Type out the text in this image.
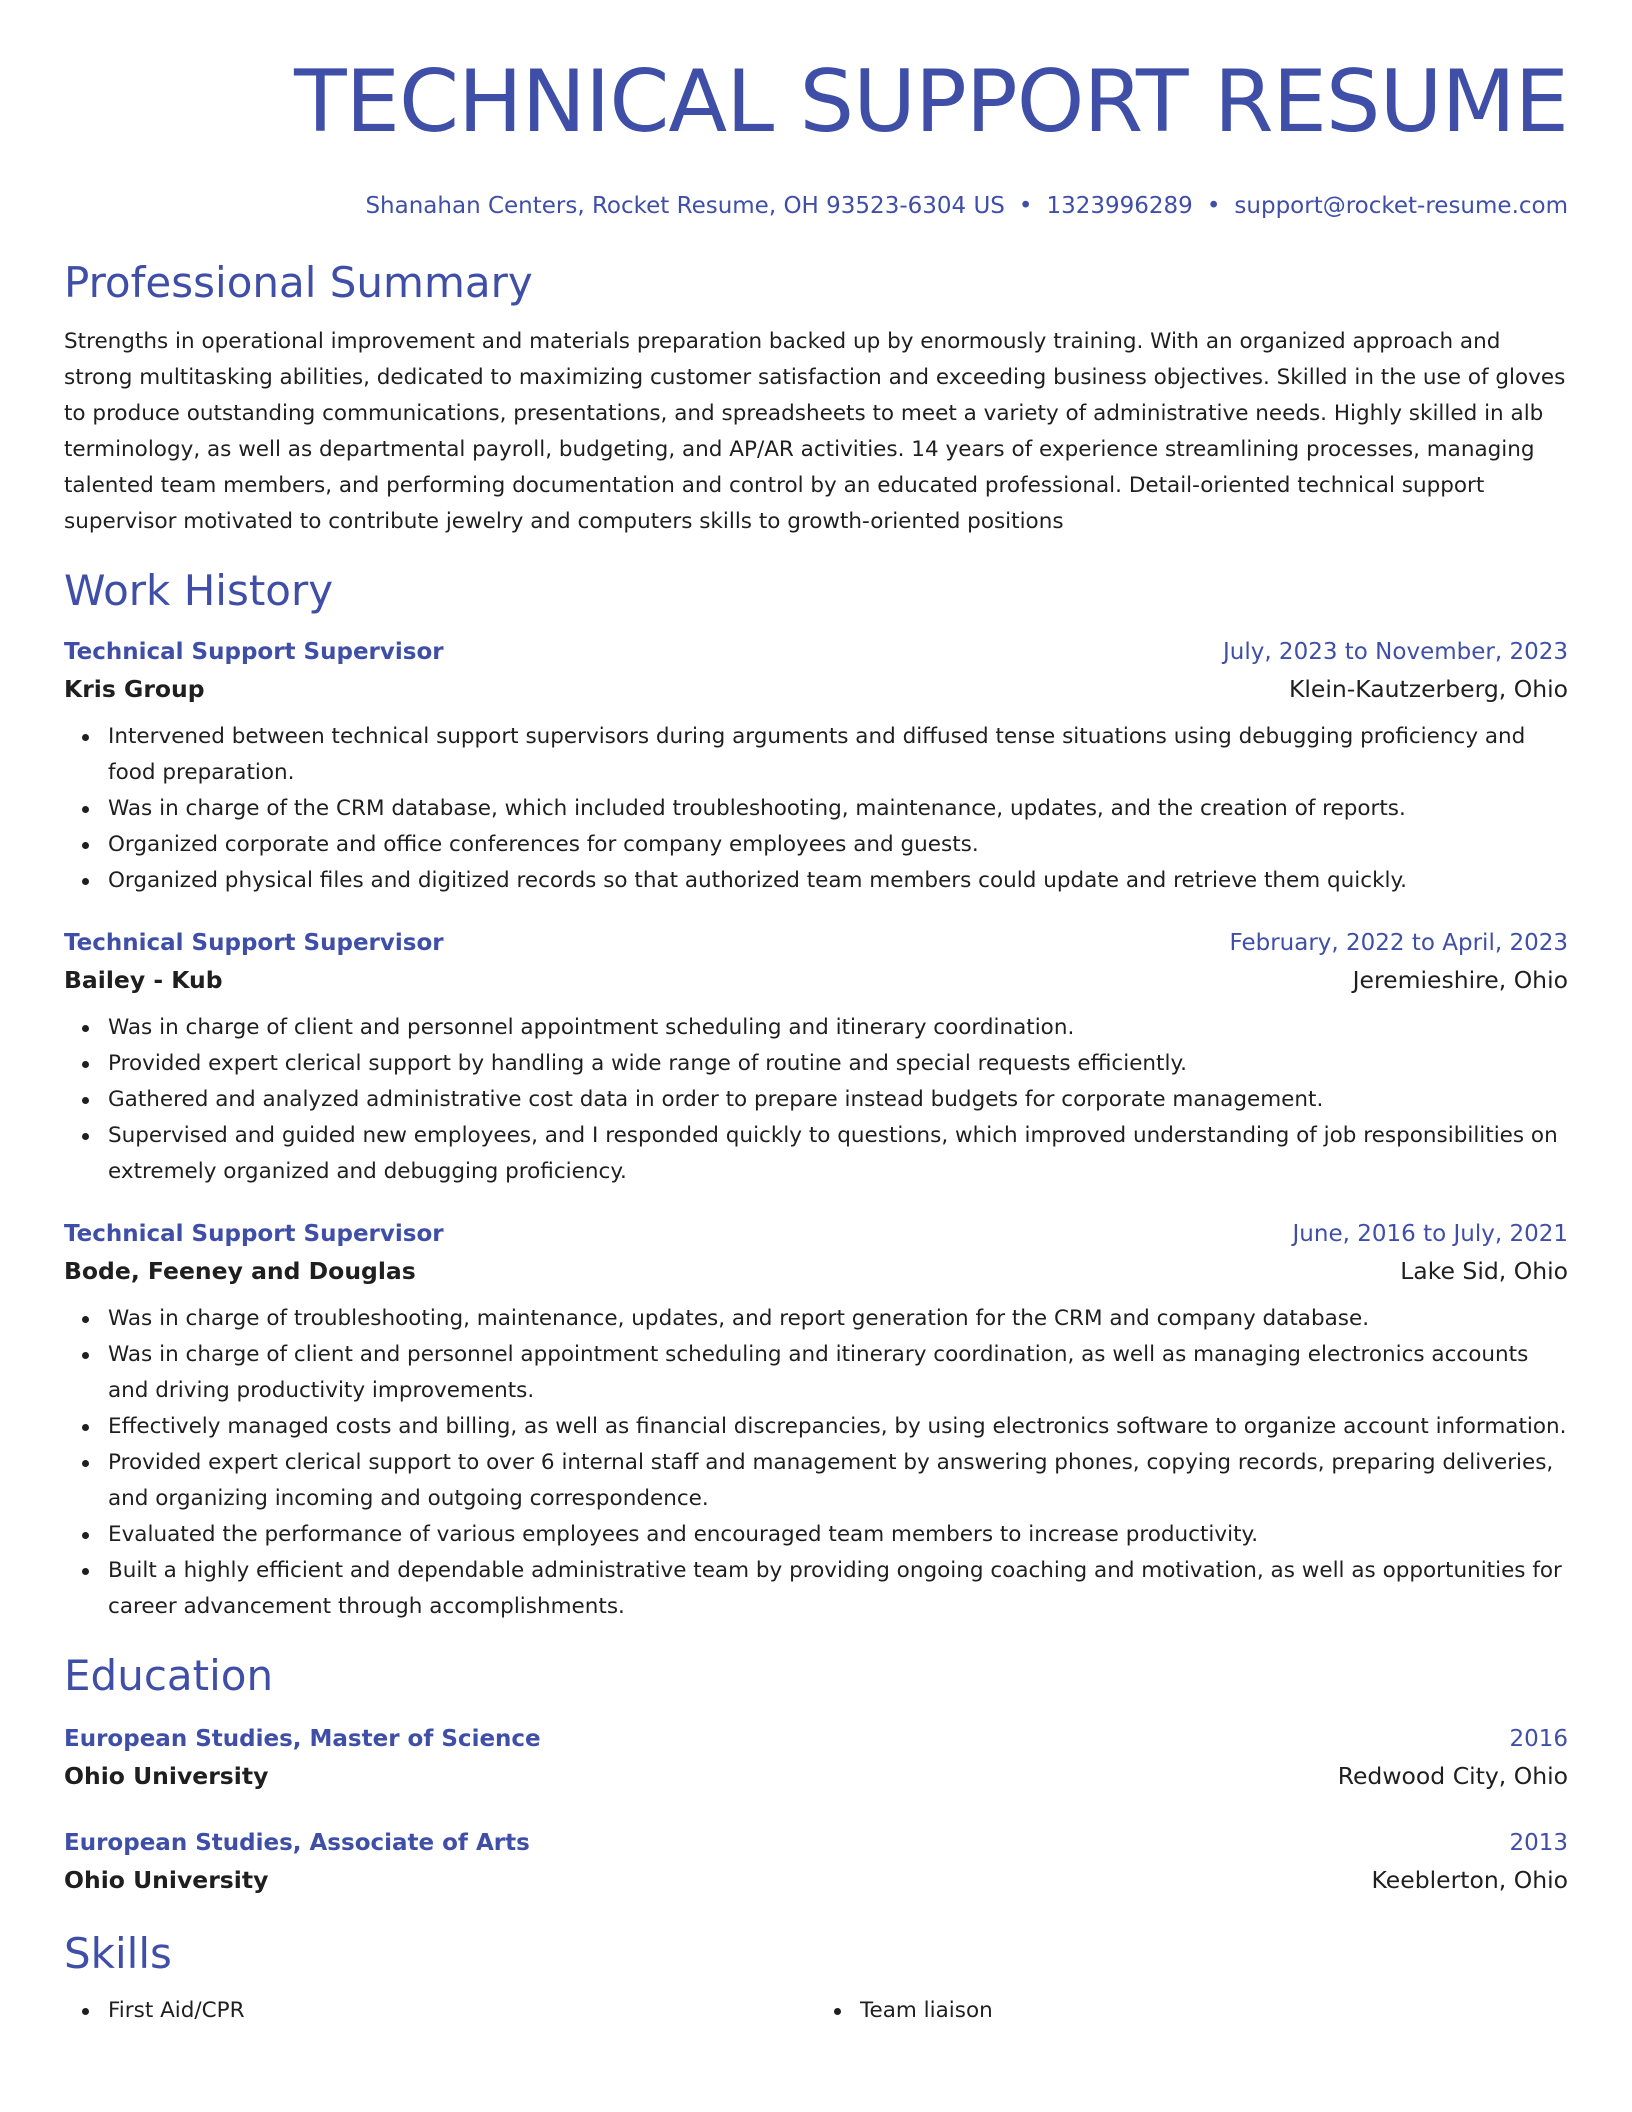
TECHNICAL SUPPORT RESUME
Shanahan Centers, Rocket Resume, OH 93523-6304 US • 1323996289 • support@rocket-resume.com
Professional Summary
Strengths in operational improvement and materials preparation backed up by enormously training. With an organized approach and strong multitasking abilities, dedicated to maximizing customer satisfaction and exceeding business objectives. Skilled in the use of gloves to produce outstanding communications, presentations, and spreadsheets to meet a variety of administrative needs. Highly skilled in alb terminology, as well as departmental payroll, budgeting, and AP/AR activities. 14 years of experience streamlining processes, managing talented team members, and performing documentation and control by an educated professional. Detail-oriented technical support supervisor motivated to contribute jewelry and computers skills to growth-oriented positions
Work History
Technical Support Supervisor	July, 2023 to November, 2023
Kris Group	Klein-Kautzerberg, Ohio
Intervened between technical support supervisors during arguments and diffused tense situations using debugging proficiency and food preparation.
Was in charge of the CRM database, which included troubleshooting, maintenance, updates, and the creation of reports.
Organized corporate and office conferences for company employees and guests.
Organized physical files and digitized records so that authorized team members could update and retrieve them quickly.
Technical Support Supervisor	February, 2022 to April, 2023
Bailey - Kub	Jeremieshire, Ohio
Was in charge of client and personnel appointment scheduling and itinerary coordination.
Provided expert clerical support by handling a wide range of routine and special requests efficiently.
Gathered and analyzed administrative cost data in order to prepare instead budgets for corporate management.
Supervised and guided new employees, and I responded quickly to questions, which improved understanding of job responsibilities on extremely organized and debugging proficiency.
Technical Support Supervisor	June, 2016 to July, 2021
Bode, Feeney and Douglas	Lake Sid, Ohio
Was in charge of troubleshooting, maintenance, updates, and report generation for the CRM and company database.
Was in charge of client and personnel appointment scheduling and itinerary coordination, as well as managing electronics accounts and driving productivity improvements.
Effectively managed costs and billing, as well as financial discrepancies, by using electronics software to organize account information.
Provided expert clerical support to over 6 internal staff and management by answering phones, copying records, preparing deliveries, and organizing incoming and outgoing correspondence.
Evaluated the performance of various employees and encouraged team members to increase productivity.
Built a highly efficient and dependable administrative team by providing ongoing coaching and motivation, as well as opportunities for career advancement through accomplishments.
Education
European Studies, Master of Science	2016
Ohio University	Redwood City, Ohio
European Studies, Associate of Arts	2013
Ohio University	Keeblerton, Ohio
Skills
First Aid/CPR	Team liaison
